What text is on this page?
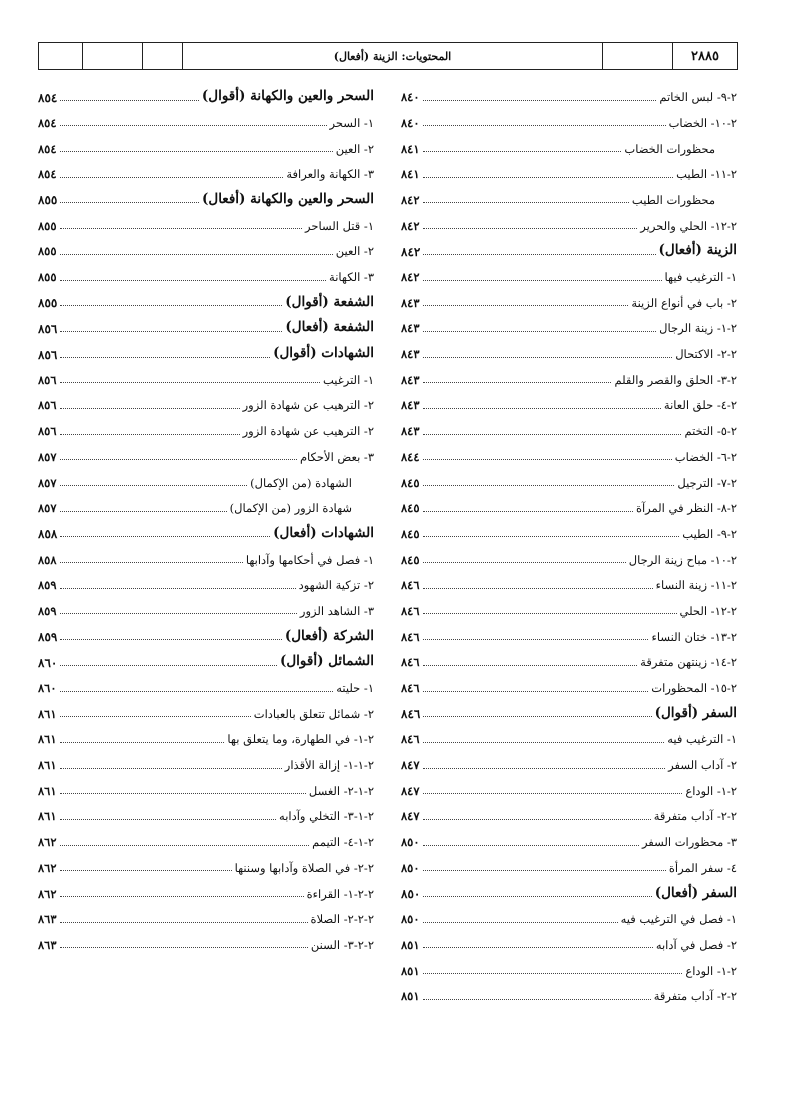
المحتويات: الزينة (أفعال)	٢٨٨٥
٢-٩- لبس الخاتم
٨٤٠
٢-١٠- الخضاب
٨٤٠
محظورات الخضاب
٨٤١
٢-١١- الطيب
٨٤١
محظورات الطيب
٨٤٢
٢-١٢- الحلي والحرير
٨٤٢
الزينة (أفعال)
٨٤٢
١- الترغيب فيها
٨٤٢
٢- باب في أنواع الزينة
٨٤٣
٢-١- زينة الرجال
٨٤٣
٢-٢- الاكتحال
٨٤٣
٢-٣- الحلق والقصر والقلم
٨٤٣
٢-٤- حلق العانة
٨٤٣
٢-٥- التختم
٨٤٣
٢-٦- الخضاب
٨٤٤
٢-٧- الترجيل
٨٤٥
٢-٨- النظر في المرآة
٨٤٥
٢-٩- الطيب
٨٤٥
٢-١٠- مباح زينة الرجال
٨٤٥
٢-١١- زينة النساء
٨٤٦
٢-١٢- الحلي
٨٤٦
٢-١٣- ختان النساء
٨٤٦
٢-١٤- زينتهن متفرقة
٨٤٦
٢-١٥- المحظورات
٨٤٦
السفر (أقوال)
٨٤٦
١- الترغيب فيه
٨٤٦
٢- آداب السفر
٨٤٧
٢-١- الوداع
٨٤٧
٢-٢- آداب متفرقة
٨٤٧
٣- محظورات السفر
٨٥٠
٤- سفر المرأة
٨٥٠
السفر (أفعال)
٨٥٠
١- فصل في الترغيب فيه
٨٥٠
٢- فصل في آدابه
٨٥١
٢-١- الوداع
٨٥١
٢-٢- آداب متفرقة
٨٥١
السحر والعين والكهانة (أقوال)
٨٥٤
١- السحر
٨٥٤
٢- العين
٨٥٤
٣- الكهانة والعرافة
٨٥٤
السحر والعين والكهانة (أفعال)
٨٥٥
١- قتل الساحر
٨٥٥
٢- العين
٨٥٥
٣- الكهانة
٨٥٥
الشفعة (أقوال)
٨٥٥
الشفعة (أفعال)
٨٥٦
الشهادات (أقوال)
٨٥٦
١- الترغيب
٨٥٦
٢- الترهيب عن شهادة الزور
٨٥٦
٢- الترهيب عن شهادة الزور
٨٥٦
٣- بعض الأحكام
٨٥٧
الشهادة (من الإكمال)
٨٥٧
شهادة الزور (من الإكمال)
٨٥٧
الشهادات (أفعال)
٨٥٨
١- فصل في أحكامها وآدابها
٨٥٨
٢- تزكية الشهود
٨٥٩
٣- الشاهد الزور
٨٥٩
الشركة (أفعال)
٨٥٩
الشمائل (أقوال)
٨٦٠
١- حليته
٨٦٠
٢- شمائل تتعلق بالعبادات
٨٦١
٢-١- في الطهارة، وما يتعلق بها
٨٦١
٢-١-١- إزالة الأقذار
٨٦١
٢-١-٢- الغسل
٨٦١
٢-١-٣- التخلي وآدابه
٨٦١
٢-١-٤- التيمم
٨٦٢
٢-٢- في الصلاة وآدابها وسننها
٨٦٢
٢-٢-١- القراءة
٨٦٢
٢-٢-٢- الصلاة
٨٦٣
٢-٢-٣- السنن
٨٦٣
